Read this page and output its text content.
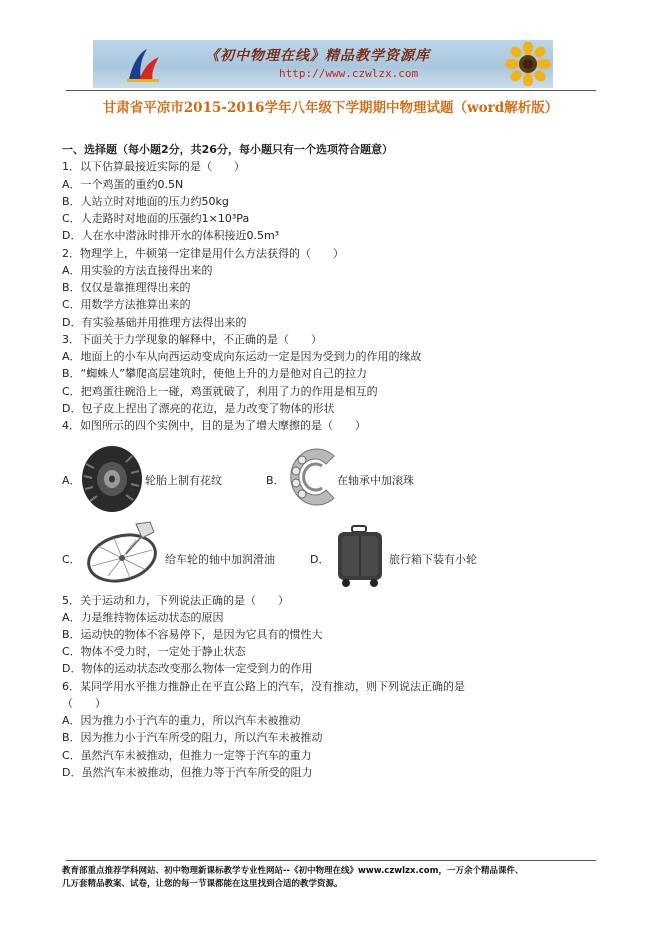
《初中物理在线》精品教学资源库
http://www.czwlzx.com
甘肃省平凉市2015-2016学年八年级下学期期中物理试题（word解析版）
一、选择题（每小题2分，共26分，每小题只有一个选项符合题意）
1．以下估算最接近实际的是（　　）
A．一个鸡蛋的重约0.5N
B．人站立时对地面的压力约50kg
C．人走路时对地面的压强约1×10³Pa
D．人在水中潜泳时排开水的体积接近0.5m³
2．物理学上，牛顿第一定律是用什么方法获得的（　　）
A．用实验的方法直接得出来的
B．仅仅是靠推理得出来的
C．用数学方法推算出来的
D．有实验基础并用推理方法得出来的
3．下面关于力学现象的解释中，不正确的是（　　）
A．地面上的小车从向西运动变成向东运动一定是因为受到力的作用的缘故
B．“蜘蛛人”攀爬高层建筑时，使他上升的力是他对自己的拉力
C．把鸡蛋往碗沿上一碰，鸡蛋就破了，利用了力的作用是相互的
D．包子皮上捏出了漂亮的花边，是力改变了物体的形状
4．如图所示的四个实例中，目的是为了增大摩擦的是（　　）
A．	轮胎上制有花纹	B．	在轴承中加滚珠
C．	给车轮的轴中加润滑油	D．	旅行箱下装有小轮
5．关于运动和力，下列说法正确的是（　　）
A．力是维持物体运动状态的原因
B．运动快的物体不容易停下，是因为它具有的惯性大
C．物体不受力时，一定处于静止状态
D．物体的运动状态改变那么物体一定受到力的作用
6．某同学用水平推力推静止在平直公路上的汽车，没有推动，则下列说法正确的是
（　　）
A．因为推力小于汽车的重力，所以汽车未被推动
B．因为推力小于汽车所受的阻力，所以汽车未被推动
C．虽然汽车未被推动，但推力一定等于汽车的重力
D．虽然汽车未被推动，但推力等于汽车所受的阻力
教育部重点推荐学科网站、初中物理新课标教学专业性网站--《初中物理在线》www.czwlzx.com，一万余个精品课件、
几万套精品教案、试卷，让您的每一节课都能在这里找到合适的教学资源。
